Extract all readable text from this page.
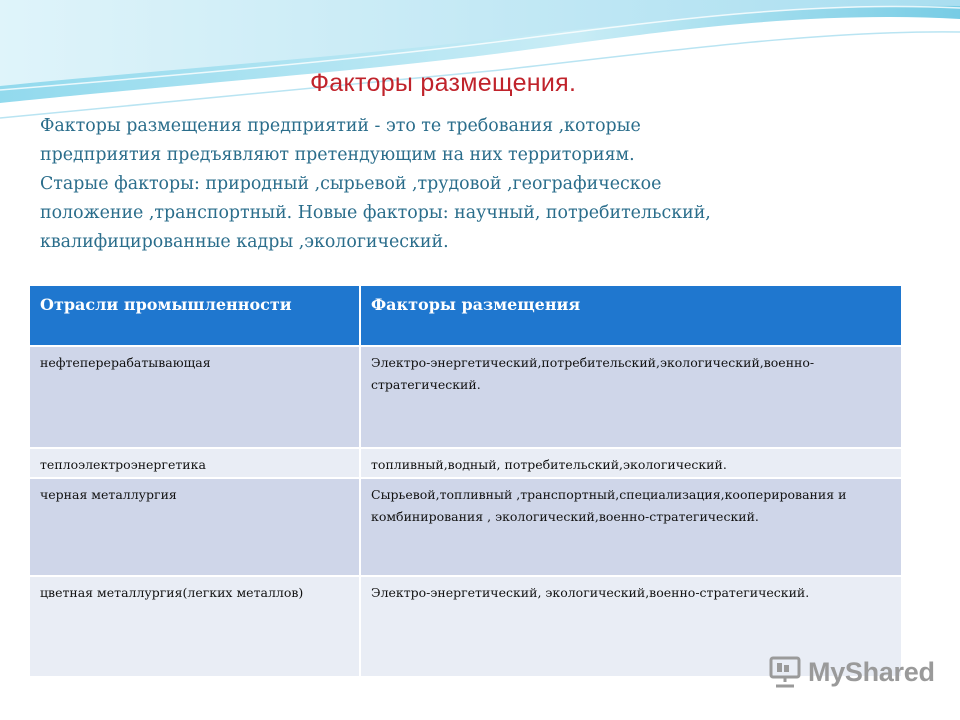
Факторы размещения.

Факторы размещения предприятий - это те требования ,которые

предприятия предъявляют претендующим на них территориям.

Старые факторы: природный ,сырьевой ,трудовой ,географическое

положение ,транспортный. Новые факторы: научный, потребительский,

квалифицированные кадры ,экологический.

Отрасли промышленности	Факторы размещения
нефтеперерабатывающая	Электро-энергетический,потребительский,экологический,военно-стратегический.
теплоэлектроэнергетика	топливный,водный, потребительский,экологический.
черная металлургия	Сырьевой,топливный ,транспортный,специализация,кооперирования и комбинирования , экологический,военно-стратегический.
цветная металлургия(легких металлов)	Электро-энергетический, экологический,военно-стратегический.
MyShared
